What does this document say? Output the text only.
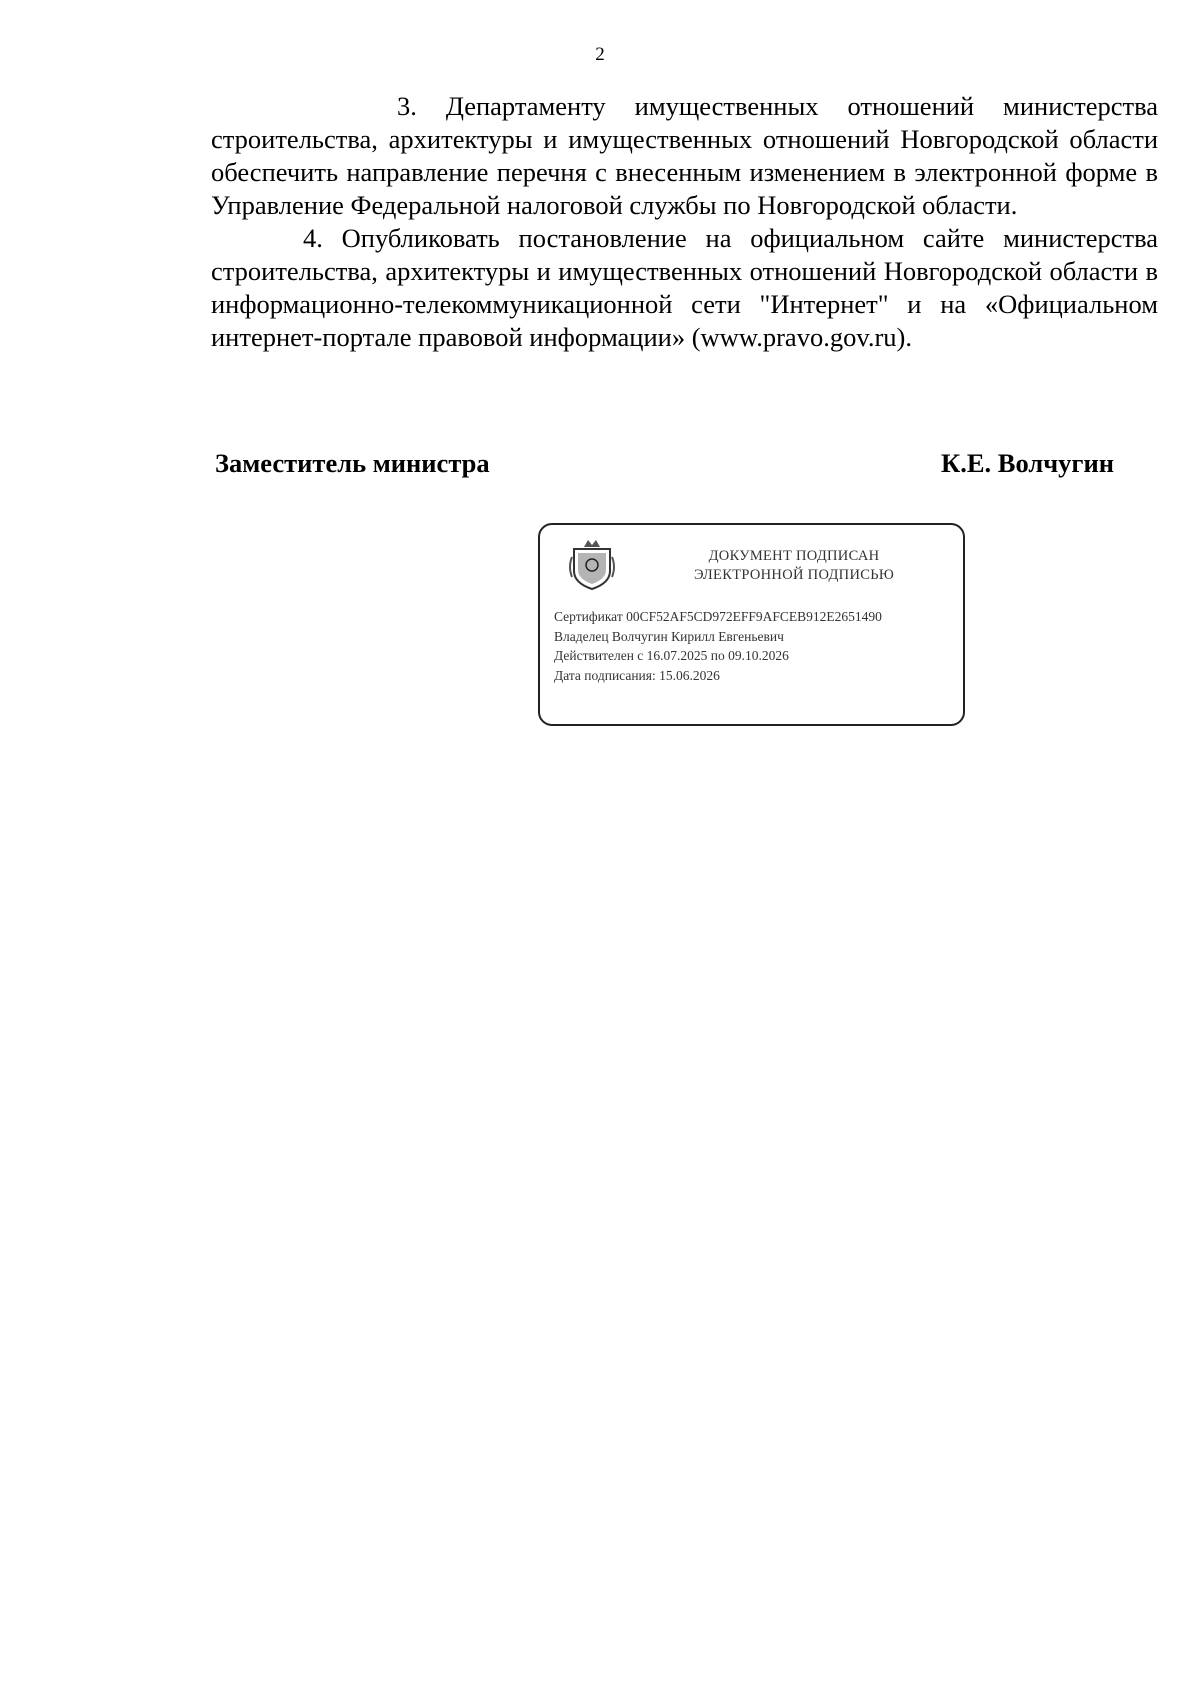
2

3. Департаменту имущественных отношений министерства строительства, архитектуры и имущественных отношений Новгородской области обеспечить направление перечня с внесенным изменением в электронной форме в Управление Федеральной налоговой службы по Новгородской области.

4. Опубликовать постановление на официальном сайте министерства строительства, архитектуры и имущественных отношений Новгородской области в информационно-телекоммуникационной сети "Интернет" и на «Официальном интернет-портале правовой информации» (www.pravo.gov.ru).

Заместитель министра	К.Е. Волчугин
ДОКУМЕНТ ПОДПИСАН
ЭЛЕКТРОННОЙ ПОДПИСЬЮ
Сертификат 00CF52AF5CD972EFF9AFCEB912E2651490
Владелец Волчугин Кирилл Евгеньевич
Действителен с 16.07.2025 по 09.10.2026
Дата подписания: 15.06.2026
